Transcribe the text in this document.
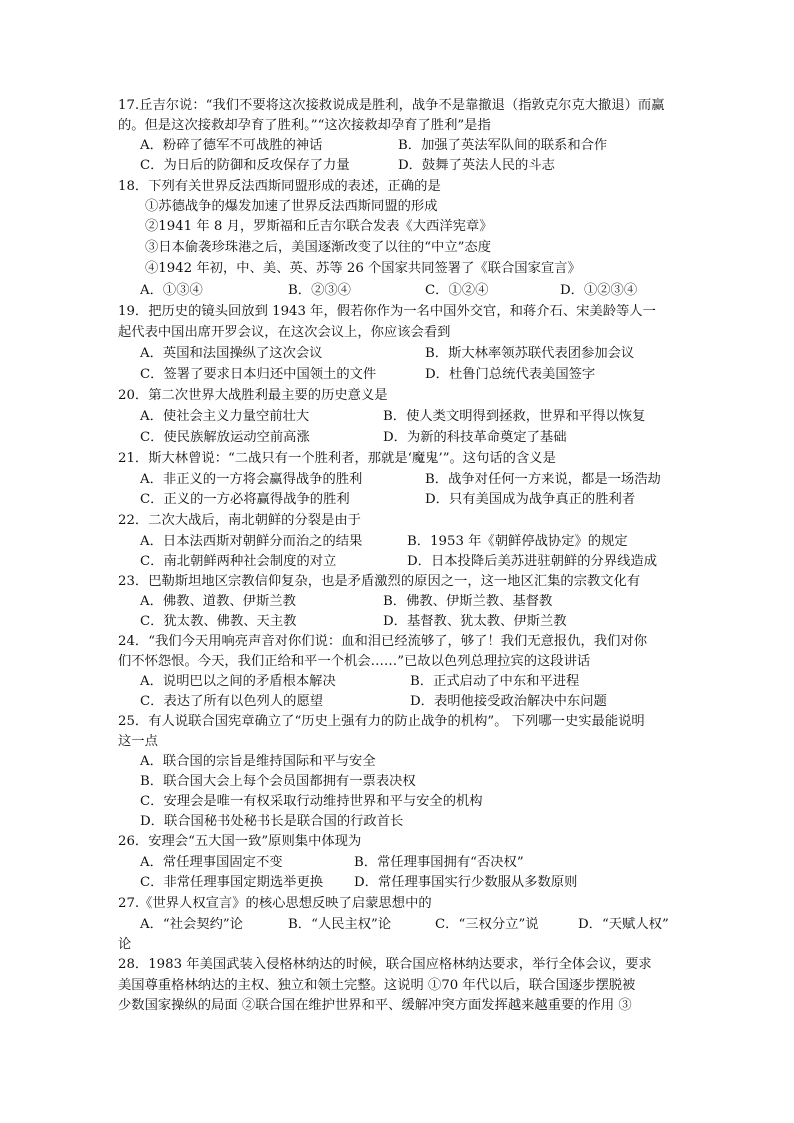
17.丘吉尔说：“我们不要将这次接救说成是胜利，战争不是靠撤退（指敦克尔克大撤退）而赢
的。但是这次接救却孕育了胜利。”“这次接救却孕育了胜利”是指
A．粉碎了德军不可战胜的神话	B．加强了英法军队间的联系和合作
C．为日后的防御和反攻保存了力量	D．鼓舞了英法人民的斗志
18．下列有关世界反法西斯同盟形成的表述，正确的是
①苏德战争的爆发加速了世界反法西斯同盟的形成
②1941 年 8 月，罗斯福和丘吉尔联合发表《大西洋宪章》
③日本偷袭珍珠港之后，美国逐渐改变了以往的“中立”态度
④1942 年初，中、美、英、苏等 26 个国家共同签署了《联合国家宣言》
A．①③④	B．②③④	C．①②④	D．①②③④
19．把历史的镜头回放到 1943 年，假若你作为一名中国外交官，和蒋介石、宋美龄等人一
起代表中国出席开罗会议，在这次会议上，你应该会看到
A．英国和法国操纵了这次会议	B．斯大林率领苏联代表团参加会议
C．签署了要求日本归还中国领土的文件	D．杜鲁门总统代表美国签字
20．第二次世界大战胜利最主要的历史意义是
A．使社会主义力量空前壮大	B．使人类文明得到拯救，世界和平得以恢复
C．使民族解放运动空前高涨	D．为新的科技革命奠定了基础
21．斯大林曾说：“二战只有一个胜利者，那就是‘魔鬼’”。这句话的含义是
A．非正义的一方将会赢得战争的胜利	B．战争对任何一方来说，都是一场浩劫
C．正义的一方必将赢得战争的胜利	D．只有美国成为战争真正的胜利者
22．二次大战后，南北朝鲜的分裂是由于
A．日本法西斯对朝鲜分而治之的结果	B．1953 年《朝鲜停战协定》的规定
C．南北朝鲜两种社会制度的对立	D．日本投降后美苏进驻朝鲜的分界线造成
23．巴勒斯坦地区宗教信仰复杂，也是矛盾激烈的原因之一，这一地区汇集的宗教文化有
A．佛教、道教、伊斯兰教	B．佛教、伊斯兰教、基督教
C．犹太教、佛教、天主教	D．基督教、犹太教、伊斯兰教
24．“我们今天用响亮声音对你们说：血和泪已经流够了，够了！我们无意报仇，我们对你
们不怀怨恨。今天，我们正给和平一个机会……”已故以色列总理拉宾的这段讲话
A．说明巴以之间的矛盾根本解决	B．正式启动了中东和平进程
C．表达了所有以色列人的愿望	D．表明他接受政治解决中东问题
25．有人说联合国宪章确立了“历史上强有力的防止战争的机构”。 下列哪一史实最能说明
这一点
A．联合国的宗旨是维持国际和平与安全
B．联合国大会上每个会员国都拥有一票表决权
C．安理会是唯一有权采取行动维持世界和平与安全的机构
D．联合国秘书处秘书长是联合国的行政首长
26．安理会“五大国一致”原则集中体现为
A．常任理事国固定不变	B．常任理事国拥有“否决权”
C．非常任理事国定期选举更换 D．常任理事国实行少数服从多数原则
27.《世界人权宣言》的核心思想反映了启蒙思想中的
A．“社会契约”论	B．“人民主权”论	C．“三权分立”说	D．“天赋人权”
论
28．1983 年美国武装入侵格林纳达的时候，联合国应格林纳达要求，举行全体会议，要求
美国尊重格林纳达的主权、独立和领土完整。这说明 ①70 年代以后，联合国逐步摆脱被
少数国家操纵的局面 ②联合国在维护世界和平、缓解冲突方面发挥越来越重要的作用 ③
